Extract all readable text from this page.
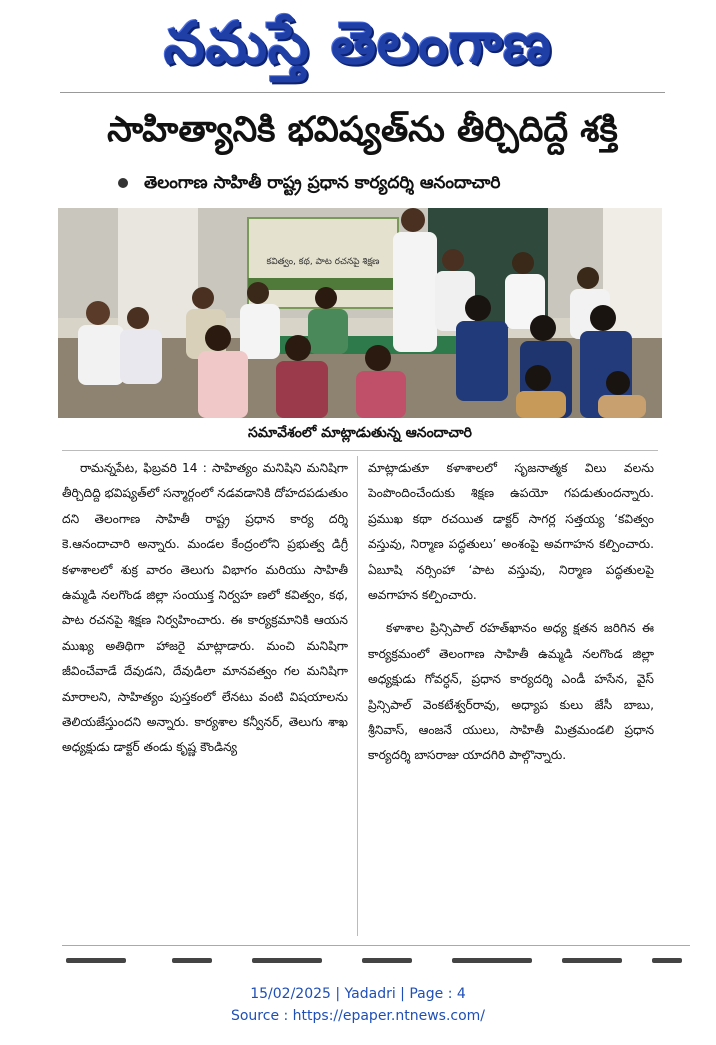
నమస్తే తెలంగాణ
సాహిత్యానికి భవిష్యత్‌ను తీర్చిదిద్దే శక్తి
తెలంగాణ సాహితీ రాష్ట్ర ప్రధాన కార్యదర్శి ఆనందాచారి
కవిత్వం, కథ, పాట రచనపై శిక్షణ
సమావేశంలో మాట్లాడుతున్న ఆనందాచారి

రామన్నపేట, ఫిబ్రవరి 14 : సాహిత్యం మనిషిని మనిషిగా తీర్చిదిద్ది భవిష్యత్‌లో సన్మార్గంలో నడవడానికి దోహదపడుతుం దని తెలంగాణ సాహితీ రాష్ట్ర ప్రధాన కార్య దర్శి కె.ఆనందాచారి అన్నారు. మండల కేంద్రంలోని ప్రభుత్వ డిగ్రీ కళాశాలలో శుక్ర వారం తెలుగు విభాగం మరియు సాహితీ ఉమ్మడి నలగొండ జిల్లా సంయుక్త నిర్వహ ణలో కవిత్వం, కథ, పాట రచనపై శిక్షణ నిర్వహించారు. ఈ కార్యక్రమానికి ఆయన ముఖ్య అతిథిగా హాజరై మాట్లాడారు. మంచి మనిషిగా జీవించేవాడే దేవుడని, దేవుడిలా మానవత్వం గల మనిషిగా మారాలని, సాహిత్యం పుస్తకంలో లేనటు వంటి విషయాలను తెలియజేస్తుందని అన్నారు. కార్యశాల కన్వీనర్, తెలుగు శాఖ అధ్యక్షుడు డాక్టర్ తండు కృష్ణ కౌండిన్య

మాట్లాడుతూ కళాశాలలో సృజనాత్మక విలు వలను పెంపొందించేందుకు శిక్షణ ఉపయో గపడుతుందన్నారు. ప్రముఖ కథా రచయిత డాక్టర్ సాగర్ల సత్తయ్య ‘కవిత్వం వస్తువు, నిర్మాణ పద్ధతులు’ అంశంపై అవగాహన కల్పించారు. ఏబూషి నర్సింహా ‘పాట వస్తువు, నిర్మాణ పద్ధతులపై అవగాహన కల్పించారు.

కళాశాల ప్రిన్సిపాల్ రహత్‌ఖానం అధ్య క్షతన జరిగిన ఈ కార్యక్రమంలో తెలంగాణ సాహితీ ఉమ్మడి నలగొండ జిల్లా అధ్యక్షుడు గోవర్ధన్, ప్రధాన కార్యదర్శి ఎండీ హసేన, వైస్ ప్రిన్సిపాల్ వెంకటేశ్వర్‌రావు, అధ్యాప కులు జేసీ బాబు, శ్రీనివాస్, ఆంజనే యులు, సాహితీ మిత్రమండలి ప్రధాన కార్యదర్శి బాసరాజు యాదగిరి పాల్గొన్నారు.

15/02/2025 | Yadadri | Page : 4
Source : https://epaper.ntnews.com/
